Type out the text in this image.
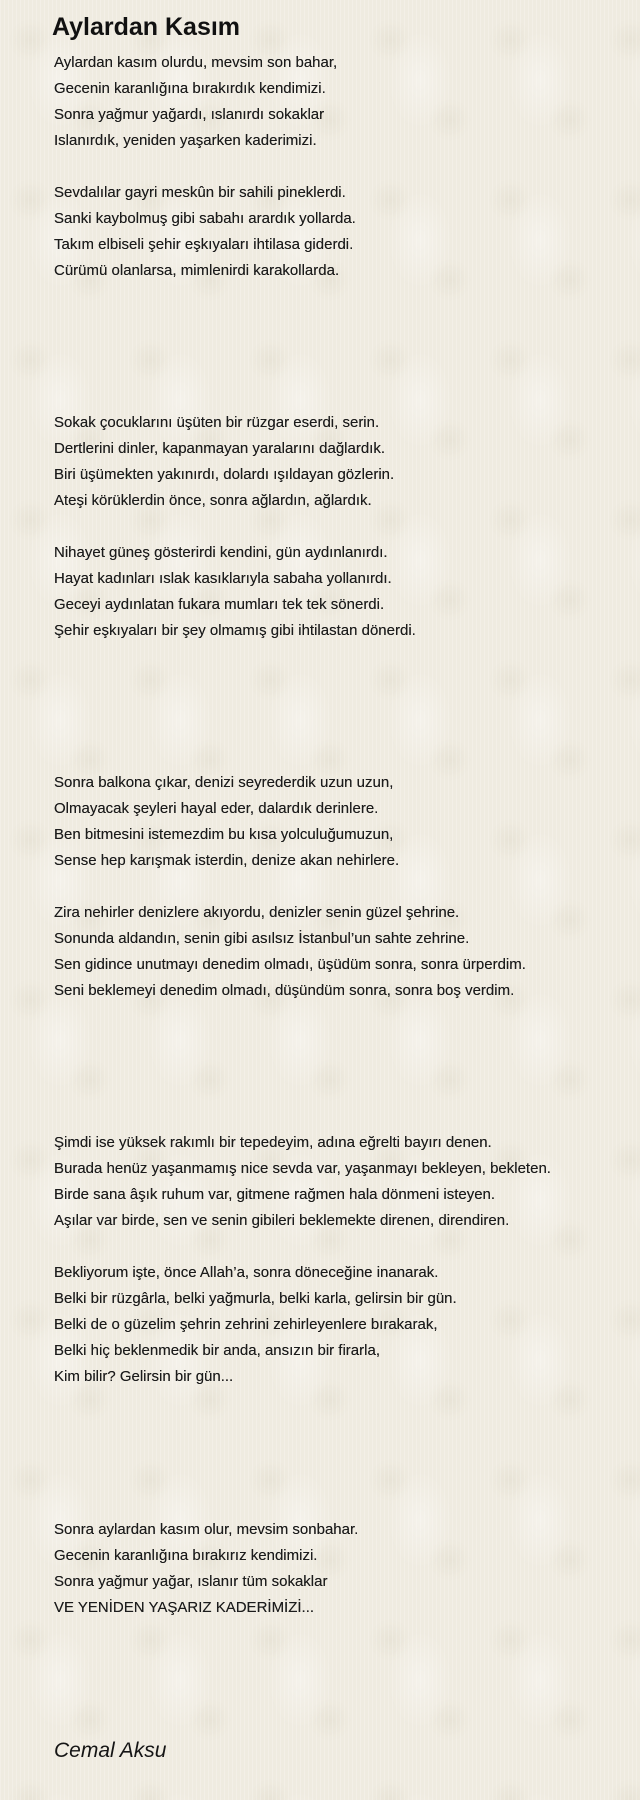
Aylardan Kasım
Aylardan kasım olurdu, mevsim son bahar,
Gecenin karanlığına bırakırdık kendimizi.
Sonra yağmur yağardı, ıslanırdı sokaklar
Islanırdık, yeniden yaşarken kaderimizi.
Sevdalılar gayri meskûn bir sahili pineklerdi.
Sanki kaybolmuş gibi sabahı arardık yollarda.
Takım elbiseli şehir eşkıyaları ihtilasa giderdi.
Cürümü olanlarsa, mimlenirdi karakollarda.
Sokak çocuklarını üşüten bir rüzgar eserdi, serin.
Dertlerini dinler, kapanmayan yaralarını dağlardık.
Biri üşümekten yakınırdı, dolardı ışıldayan gözlerin.
Ateşi körüklerdin önce, sonra ağlardın, ağlardık.
Nihayet güneş gösterirdi kendini, gün aydınlanırdı.
Hayat kadınları ıslak kasıklarıyla sabaha yollanırdı.
Geceyi aydınlatan fukara mumları tek tek sönerdi.
Şehir eşkıyaları bir şey olmamış gibi ihtilastan dönerdi.
Sonra balkona çıkar, denizi seyrederdik uzun uzun,
Olmayacak şeyleri hayal eder, dalardık derinlere.
Ben bitmesini istemezdim bu kısa yolculuğumuzun,
Sense hep karışmak isterdin, denize akan nehirlere.
Zira nehirler denizlere akıyordu, denizler senin güzel şehrine.
Sonunda aldandın, senin gibi asılsız İstanbul’un sahte zehrine.
Sen gidince unutmayı denedim olmadı, üşüdüm sonra, sonra ürperdim.
Seni beklemeyi denedim olmadı, düşündüm sonra, sonra boş verdim.
Şimdi ise yüksek rakımlı bir tepedeyim, adına eğrelti bayırı denen.
Burada henüz yaşanmamış nice sevda var, yaşanmayı bekleyen, bekleten.
Birde sana âşık ruhum var, gitmene rağmen hala dönmeni isteyen.
Aşılar var birde, sen ve senin gibileri beklemekte direnen, direndiren.
Bekliyorum işte, önce Allah’a, sonra döneceğine inanarak.
Belki bir rüzgârla, belki yağmurla, belki karla, gelirsin bir gün.
Belki de o güzelim şehrin zehrini zehirleyenlere bırakarak,
Belki hiç beklenmedik bir anda, ansızın bir firarla,
Kim bilir? Gelirsin bir gün...
Sonra aylardan kasım olur, mevsim sonbahar.
Gecenin karanlığına bırakırız kendimizi.
Sonra yağmur yağar, ıslanır tüm sokaklar
VE YENİDEN YAŞARIZ KADERİMİZİ...
Cemal Aksu
